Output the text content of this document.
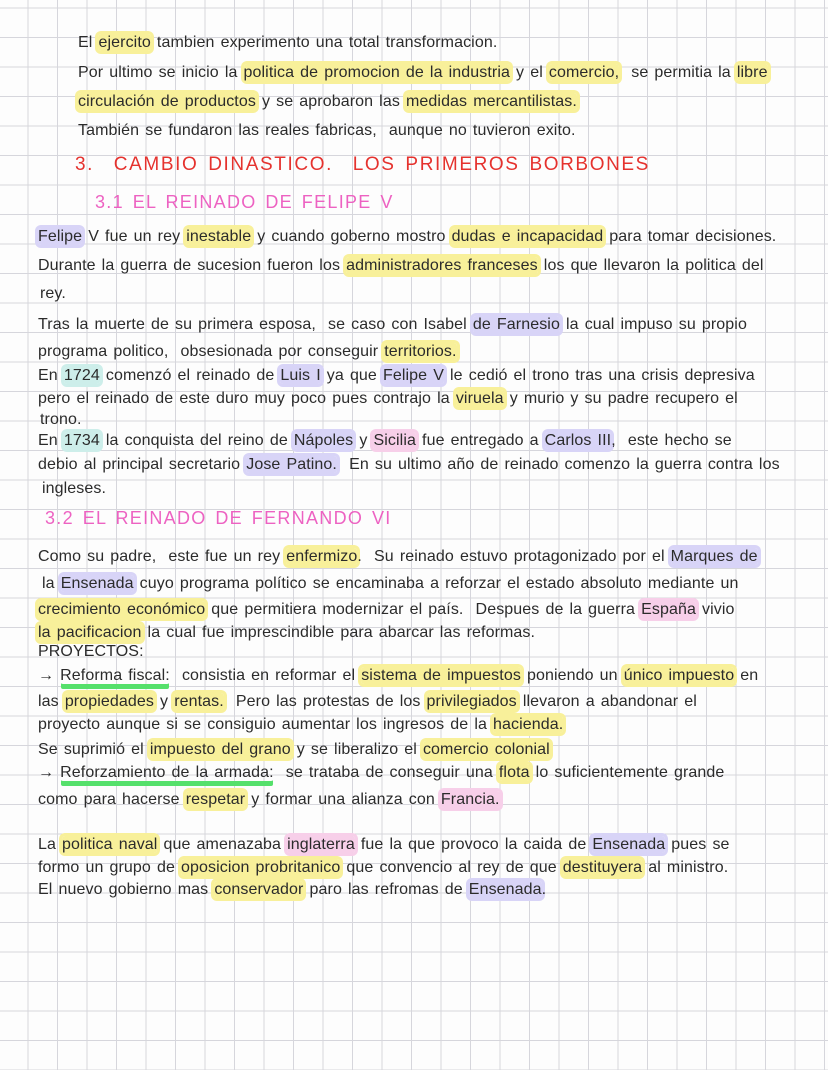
El ejercito tambien experimento una total transformacion.
Por ultimo se inicio la politica de promocion de la industria y el comercio,  se permitia la libre
circulación de productos y se aprobaron las medidas mercantilistas.
También se fundaron las reales fabricas,  aunque no tuvieron exito.
3.  CAMBIO DINASTICO.  LOS PRIMEROS BORBONES
3.1 EL REINADO DE FELIPE V
Felipe V fue un rey inestable y cuando goberno mostro dudas e incapacidad para tomar decisiones.
Durante la guerra de sucesion fueron los administradores franceses los que llevaron la politica del
rey.
Tras la muerte de su primera esposa,  se caso con Isabel de Farnesio la cual impuso su propio
programa politico,  obsesionada por conseguir territorios.
En 1724 comenzó el reinado de Luis I ya que Felipe V le cedió el trono tras una crisis depresiva
pero el reinado de este duro muy poco pues contrajo la viruela y murio y su padre recupero el
trono.
En 1734 la conquista del reino de Nápoles y Sicilia fue entregado a Carlos III,  este hecho se
debio al principal secretario Jose Patino.  En su ultimo año de reinado comenzo la guerra contra los
ingleses.
3.2 EL REINADO DE FERNANDO VI
Como su padre,  este fue un rey enfermizo.  Su reinado estuvo protagonizado por el Marques de
la Ensenada cuyo programa político se encaminaba a reforzar el estado absoluto mediante un
crecimiento económico que permitiera modernizar el país.  Despues de la guerra España vivio
la pacificacion la cual fue imprescindible para abarcar las reformas.
PROYECTOS:
→ Reforma fiscal:  consistia en reformar el sistema de impuestos poniendo un único impuesto en
las propiedades y rentas.  Pero las protestas de los privilegiados llevaron a abandonar el
proyecto aunque si se consiguio aumentar los ingresos de la hacienda.
Se suprimió el impuesto del grano y se liberalizo el comercio colonial
→ Reforzamiento de la armada:  se trataba de conseguir una flota lo suficientemente grande
como para hacerse respetar y formar una alianza con Francia.
La politica naval que amenazaba inglaterra fue la que provoco la caida de Ensenada pues se
formo un grupo de oposicion probritanico que convencio al rey de que destituyera al ministro.
El nuevo gobierno mas conservador paro las refromas de Ensenada.
